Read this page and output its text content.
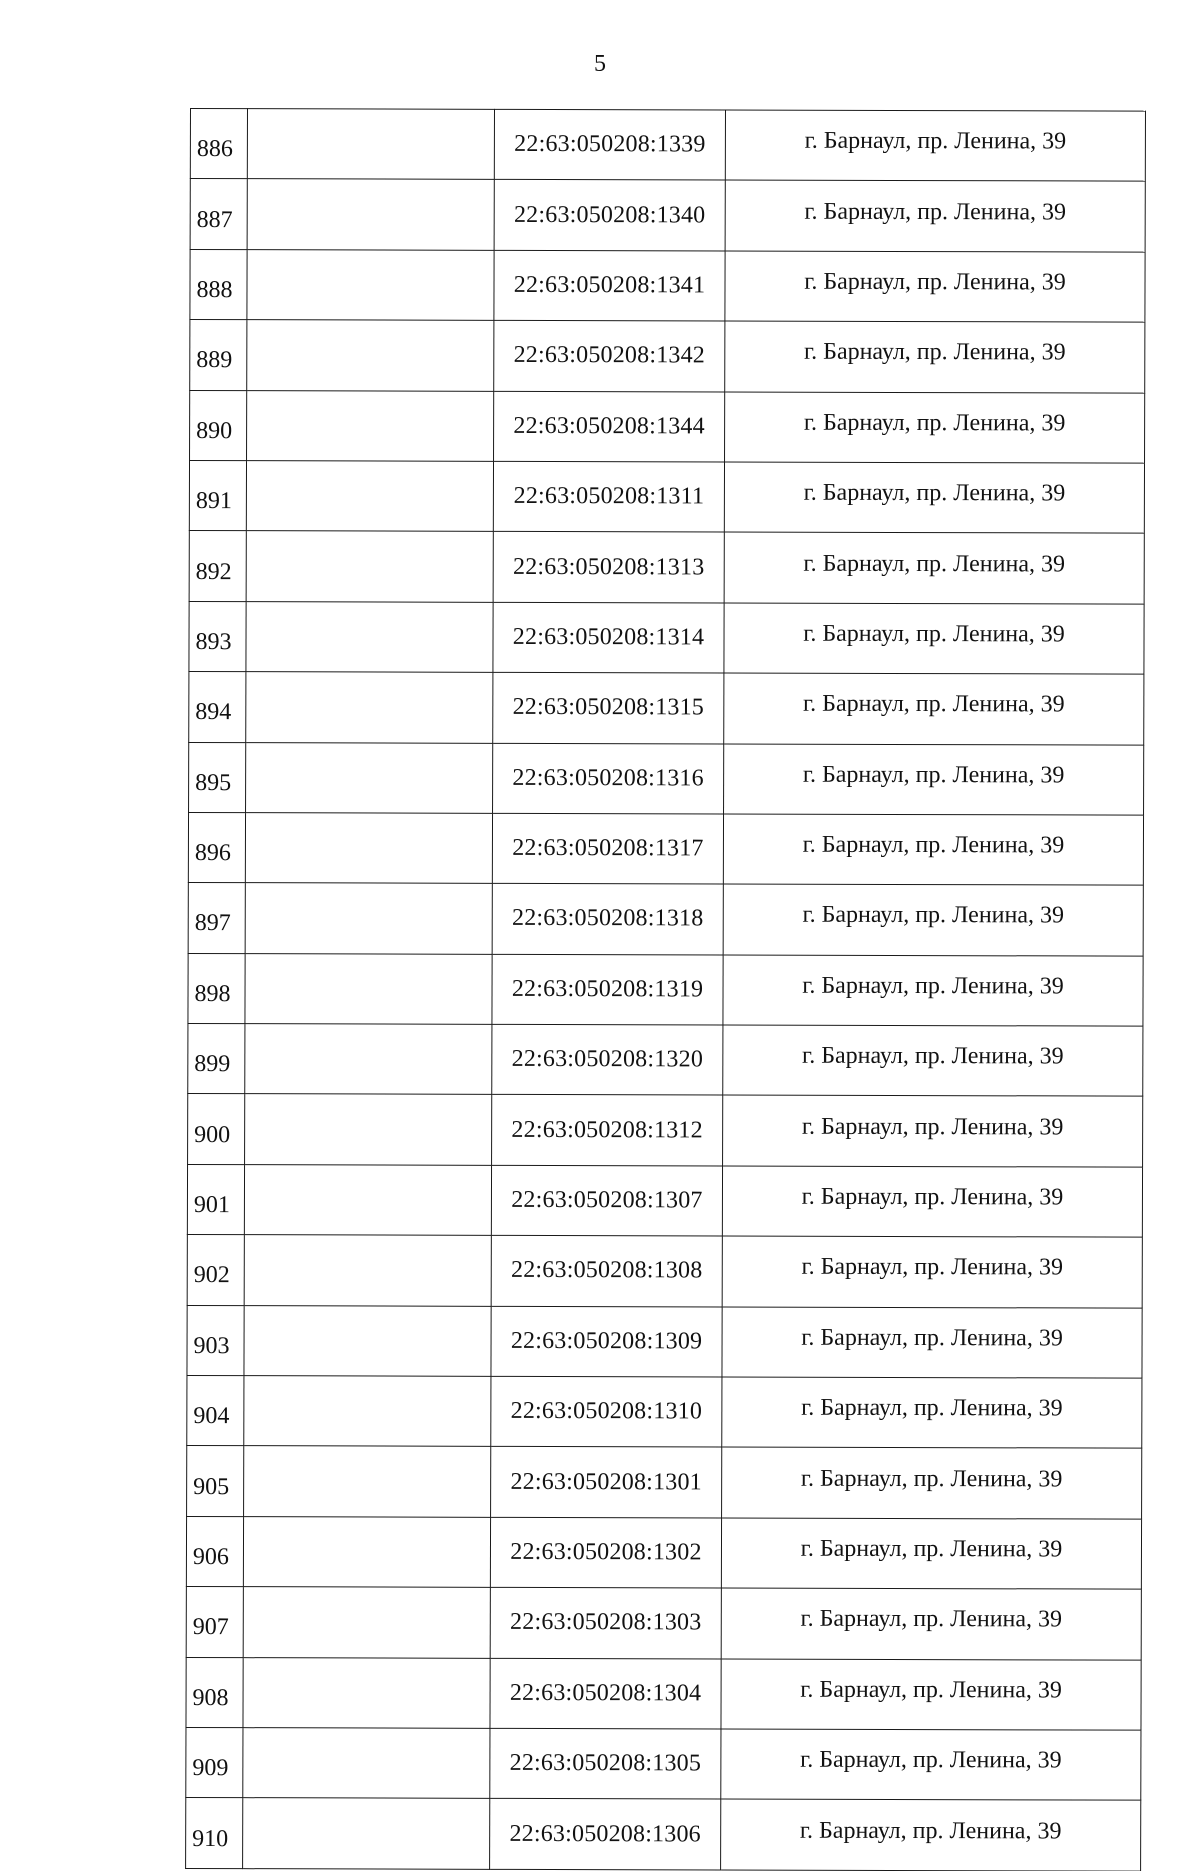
5
886		22:63:050208:1339	г. Барнаул, пр. Ленина, 39
887		22:63:050208:1340	г. Барнаул, пр. Ленина, 39
888		22:63:050208:1341	г. Барнаул, пр. Ленина, 39
889		22:63:050208:1342	г. Барнаул, пр. Ленина, 39
890		22:63:050208:1344	г. Барнаул, пр. Ленина, 39
891		22:63:050208:1311	г. Барнаул, пр. Ленина, 39
892		22:63:050208:1313	г. Барнаул, пр. Ленина, 39
893		22:63:050208:1314	г. Барнаул, пр. Ленина, 39
894		22:63:050208:1315	г. Барнаул, пр. Ленина, 39
895		22:63:050208:1316	г. Барнаул, пр. Ленина, 39
896		22:63:050208:1317	г. Барнаул, пр. Ленина, 39
897		22:63:050208:1318	г. Барнаул, пр. Ленина, 39
898		22:63:050208:1319	г. Барнаул, пр. Ленина, 39
899		22:63:050208:1320	г. Барнаул, пр. Ленина, 39
900		22:63:050208:1312	г. Барнаул, пр. Ленина, 39
901		22:63:050208:1307	г. Барнаул, пр. Ленина, 39
902		22:63:050208:1308	г. Барнаул, пр. Ленина, 39
903		22:63:050208:1309	г. Барнаул, пр. Ленина, 39
904		22:63:050208:1310	г. Барнаул, пр. Ленина, 39
905		22:63:050208:1301	г. Барнаул, пр. Ленина, 39
906		22:63:050208:1302	г. Барнаул, пр. Ленина, 39
907		22:63:050208:1303	г. Барнаул, пр. Ленина, 39
908		22:63:050208:1304	г. Барнаул, пр. Ленина, 39
909		22:63:050208:1305	г. Барнаул, пр. Ленина, 39
910		22:63:050208:1306	г. Барнаул, пр. Ленина, 39
